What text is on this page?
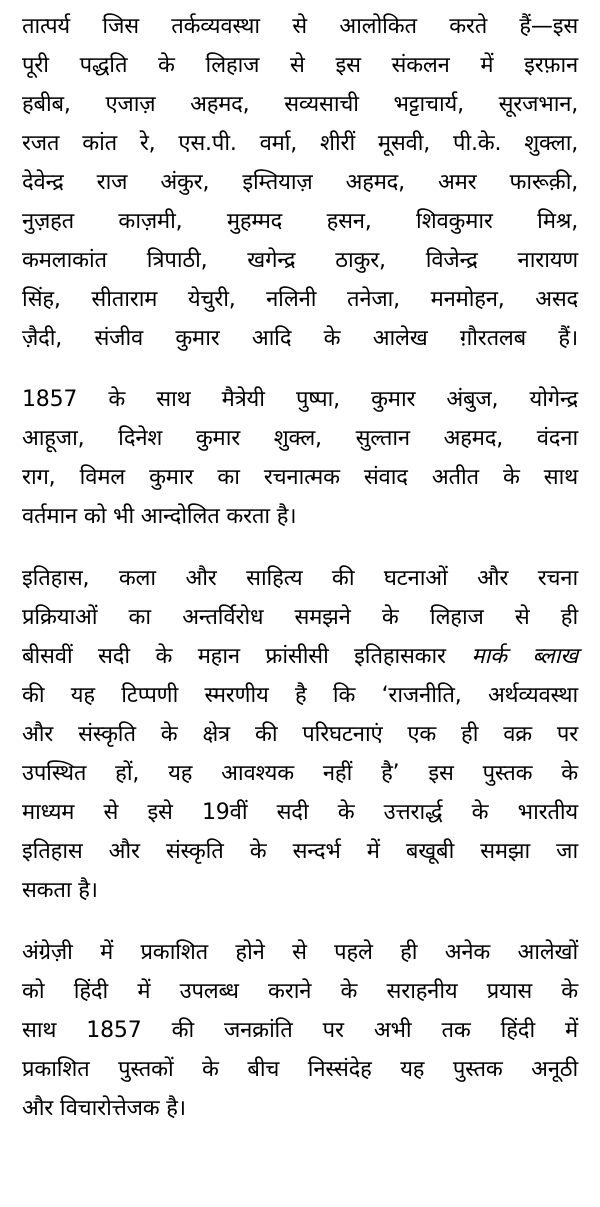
तात्पर्य जिस तर्कव्यवस्था से आलोकित करते हैं—इस
पूरी पद्धति के लिहाज से इस संकलन में इरफ़ान
हबीब, एजाज़ अहमद, सव्यसाची भट्टाचार्य, सूरजभान,
रजत कांत रे, एस.पी. वर्मा, शीरीं मूसवी, पी.के. शुक्ला,
देवेन्द्र राज अंकुर, इम्तियाज़ अहमद, अमर फारूक़ी,
नुज़हत काज़मी, मुहम्मद हसन, शिवकुमार मिश्र,
कमलाकांत त्रिपाठी, खगेन्द्र ठाकुर, विजेन्द्र नारायण
सिंह, सीताराम येचुरी, नलिनी तनेजा, मनमोहन, असद
ज़ैदी, संजीव कुमार आदि के आलेख ग़ौरतलब हैं।
1857 के साथ मैत्रेयी पुष्पा, कुमार अंबुज, योगेन्द्र
आहूजा, दिनेश कुमार शुक्ल, सुल्तान अहमद, वंदना
राग, विमल कुमार का रचनात्मक संवाद अतीत के साथ
वर्तमान को भी आन्दोलित करता है।
इतिहास, कला और साहित्य की घटनाओं और रचना
प्रक्रियाओं का अन्तर्विरोध समझने के लिहाज से ही
बीसवीं सदी के महान फ्रांसीसी इतिहासकार मार्क ब्लाख
की यह टिप्पणी स्मरणीय है कि ‘राजनीति, अर्थव्यवस्था
और संस्कृति के क्षेत्र की परिघटनाएं एक ही वक्र पर
उपस्थित हों, यह आवश्यक नहीं है’ इस पुस्तक के
माध्यम से इसे 19वीं सदी के उत्तरार्द्ध के भारतीय
इतिहास और संस्कृति के सन्दर्भ में बखूबी समझा जा
सकता है।
अंग्रेज़ी में प्रकाशित होने से पहले ही अनेक आलेखों
को हिंदी में उपलब्ध कराने के सराहनीय प्रयास के
साथ 1857 की जनक्रांति पर अभी तक हिंदी में
प्रकाशित पुस्तकों के बीच निस्संदेह यह पुस्तक अनूठी
और विचारोत्तेजक है।
